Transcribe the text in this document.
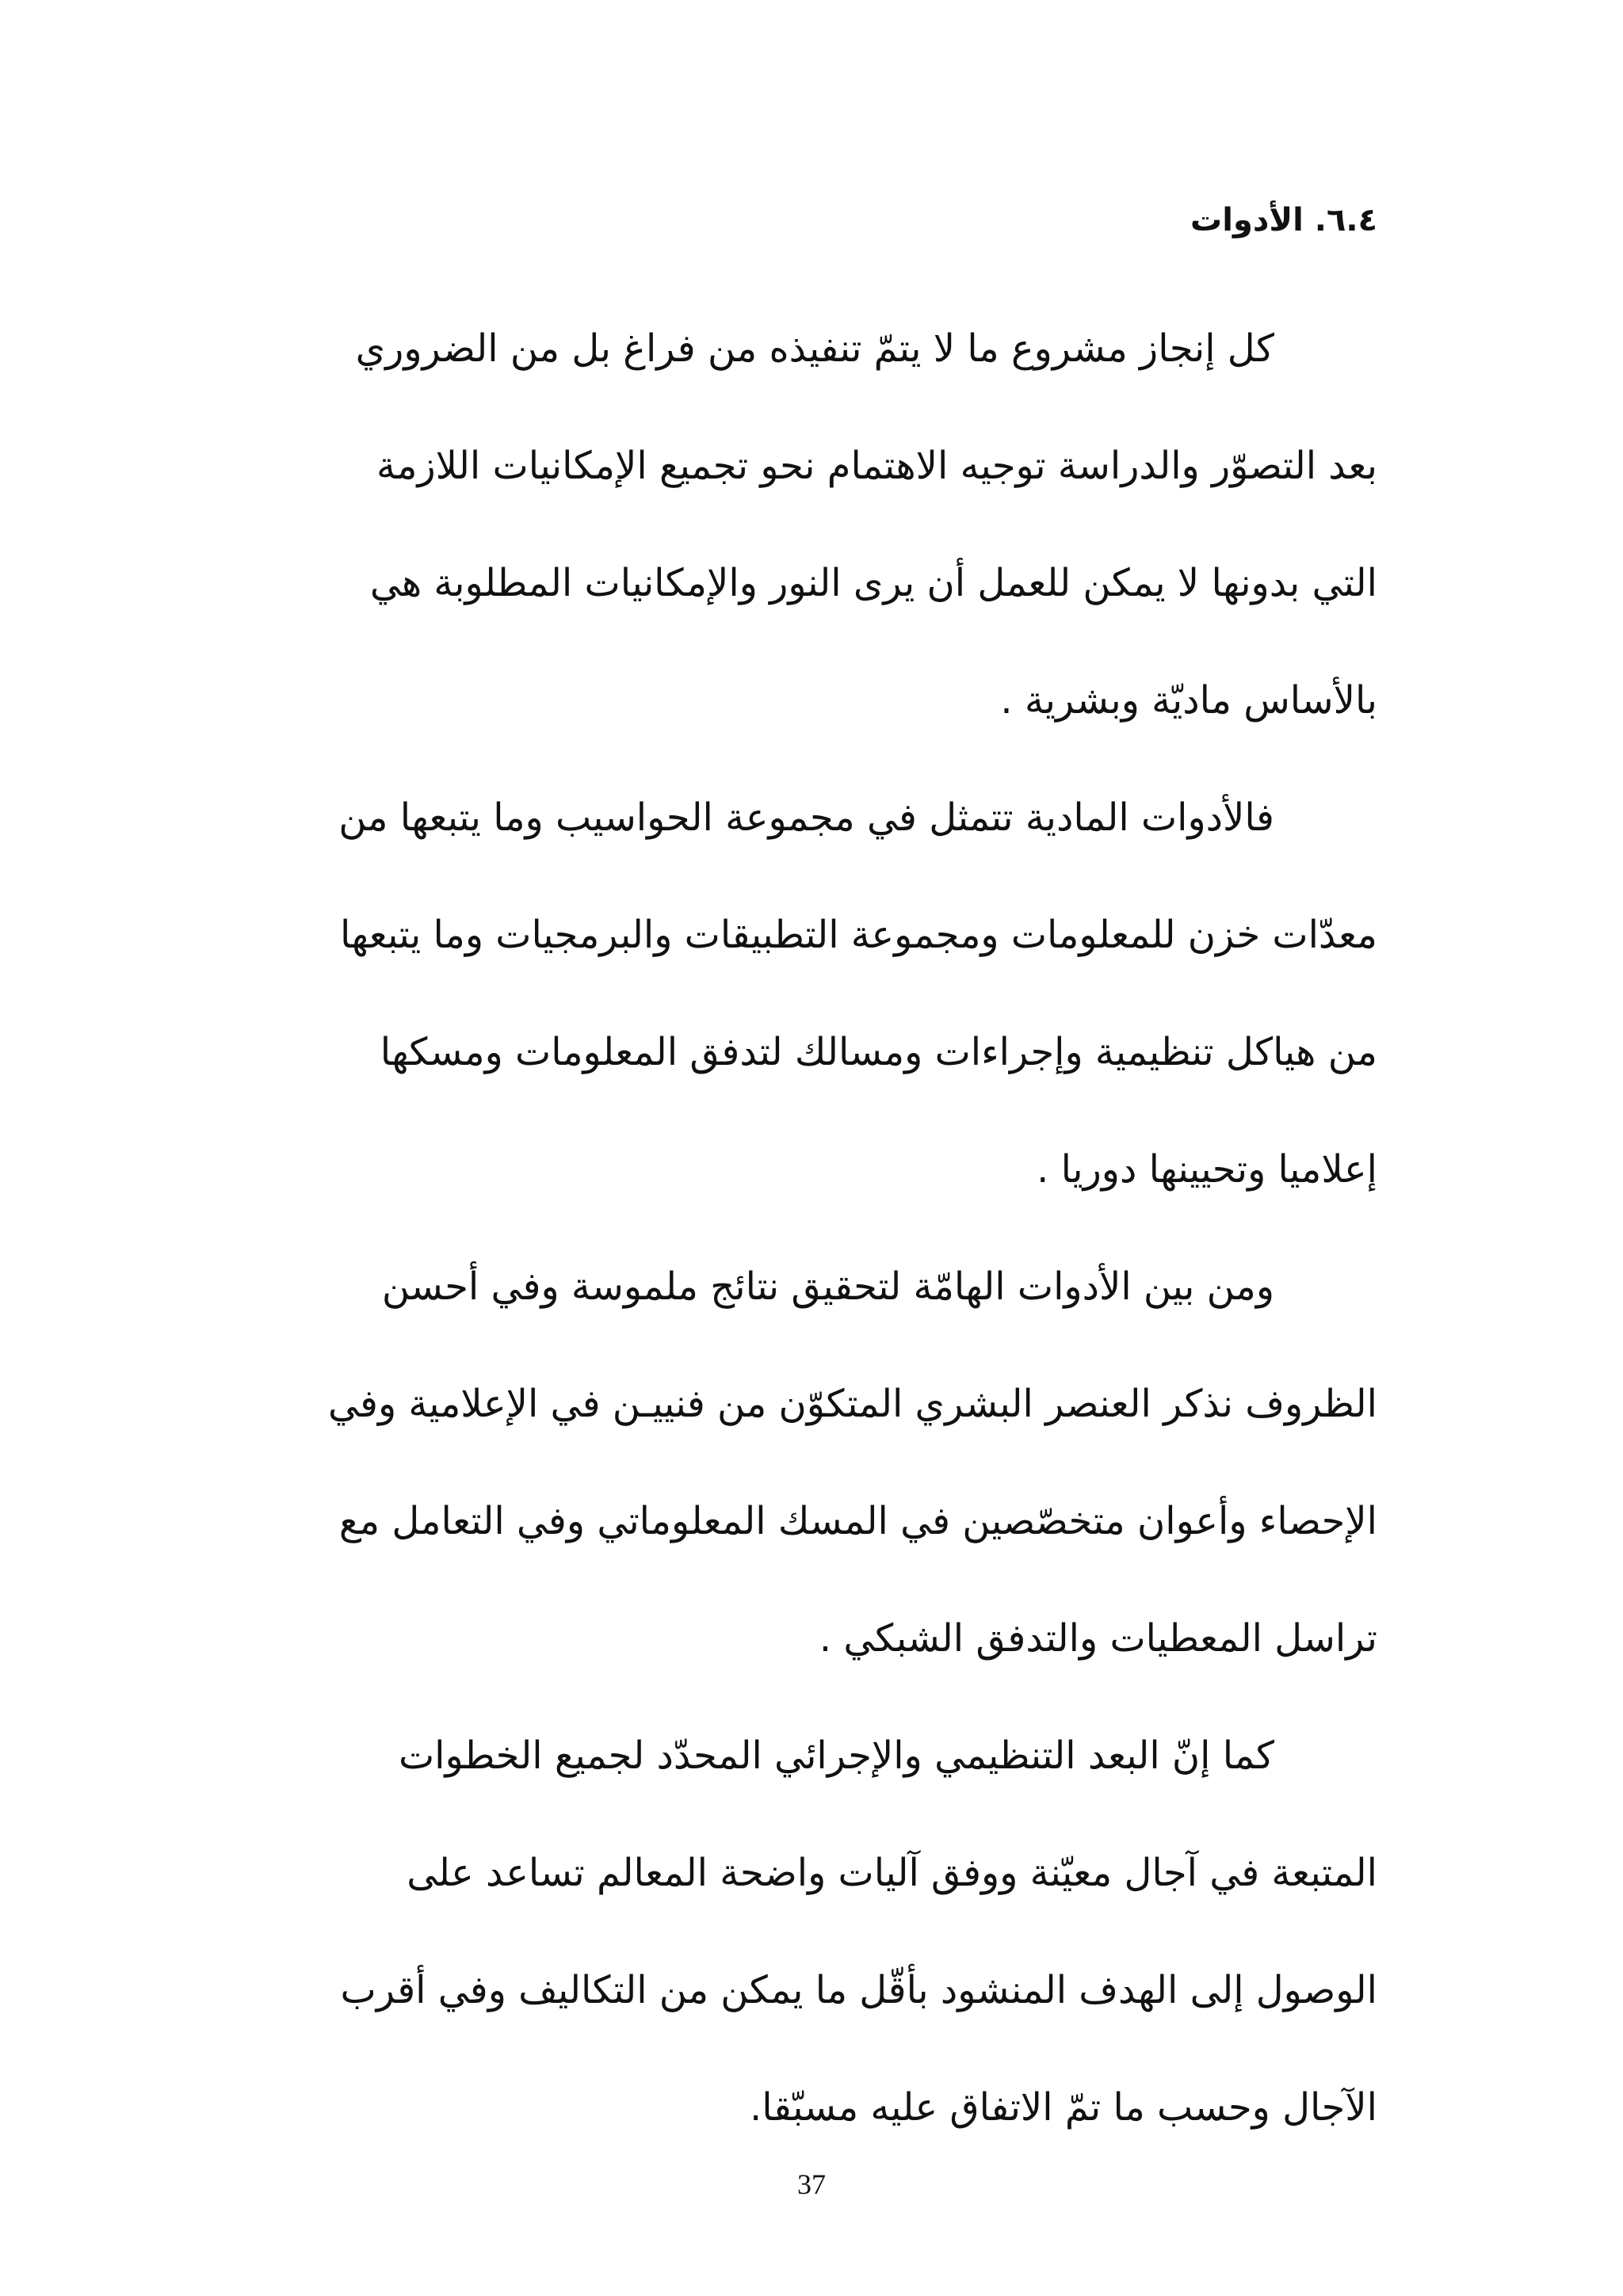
٦.٤. الأدوات
كل إنجاز مشروع ما لا يتمّ تنفيذه من فراغ بل من الضروري
بعد التصوّر والدراسة توجيه الاهتمام نحو تجميع الإمكانيات اللازمة
التي بدونها لا يمكن للعمل أن يرى النور والإمكانيات المطلوبة هي
بالأساس ماديّة وبشرية .
فالأدوات المادية تتمثل في مجموعة الحواسيب وما يتبعها من
معدّات خزن للمعلومات ومجموعة التطبيقات والبرمجيات وما يتبعها
من هياكل تنظيمية وإجراءات ومسالك لتدفق المعلومات ومسكها
إعلاميا وتحيينها دوريا .
ومن بين الأدوات الهامّة لتحقيق نتائج ملموسة وفي أحسن
الظروف نذكر العنصر البشري المتكوّن من فنييـن في الإعلامية وفي
الإحصاء وأعوان متخصّصين في المسك المعلوماتي وفي التعامل مع
تراسل المعطيات والتدفق الشبكي .
كما إنّ البعد التنظيمي والإجرائي المحدّد لجميع الخطوات
المتبعة في آجال معيّنة ووفق آليات واضحة المعالم تساعد على
الوصول إلى الهدف المنشود بأقّل ما يمكن من التكاليف وفي أقرب
الآجال وحسب ما تمّ الاتفاق عليه مسبّقا.
37
